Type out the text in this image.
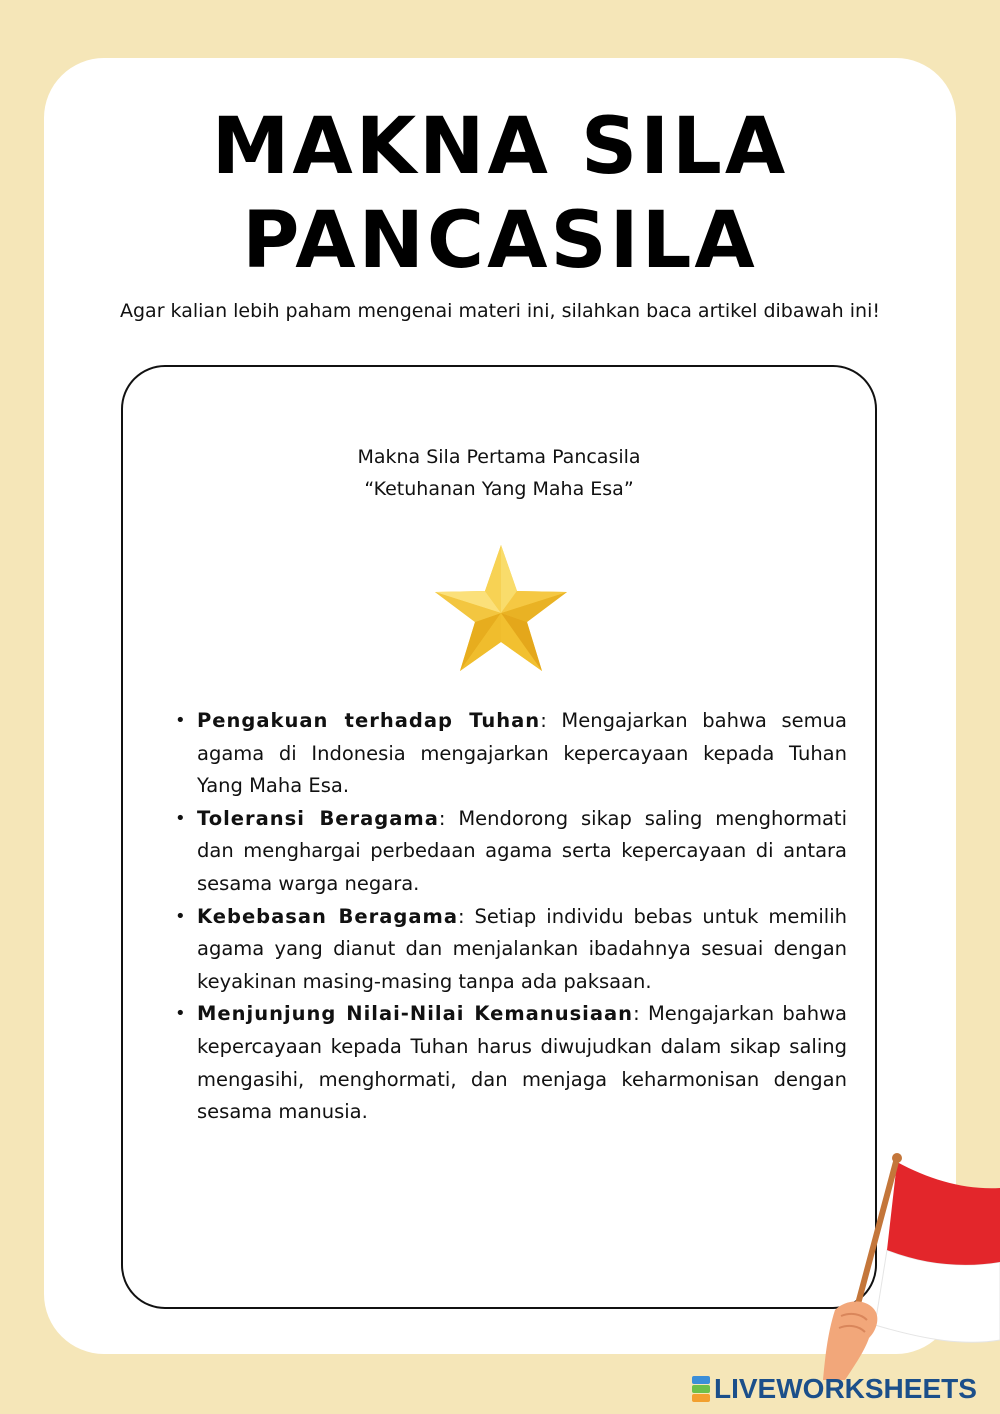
MAKNA SILA
PANCASILA

Agar kalian lebih paham mengenai materi ini, silahkan baca artikel dibawah ini!

Makna Sila Pertama Pancasila
“Ketuhanan Yang Maha Esa”
• Pengakuan terhadap Tuhan: Mengajarkan bahwa semua agama di Indonesia mengajarkan kepercayaan kepada Tuhan Yang Maha Esa.
• Toleransi Beragama: Mendorong sikap saling menghormati dan menghargai perbedaan agama serta kepercayaan di antara sesama warga negara.
• Kebebasan Beragama: Setiap individu bebas untuk memilih agama yang dianut dan menjalankan ibadahnya sesuai dengan keyakinan masing-masing tanpa ada paksaan.
• Menjunjung Nilai-Nilai Kemanusiaan: Mengajarkan bahwa kepercayaan kepada Tuhan harus diwujudkan dalam sikap saling mengasihi, menghormati, dan menjaga keharmonisan dengan sesama manusia.
LIVEWORKSHEETS
